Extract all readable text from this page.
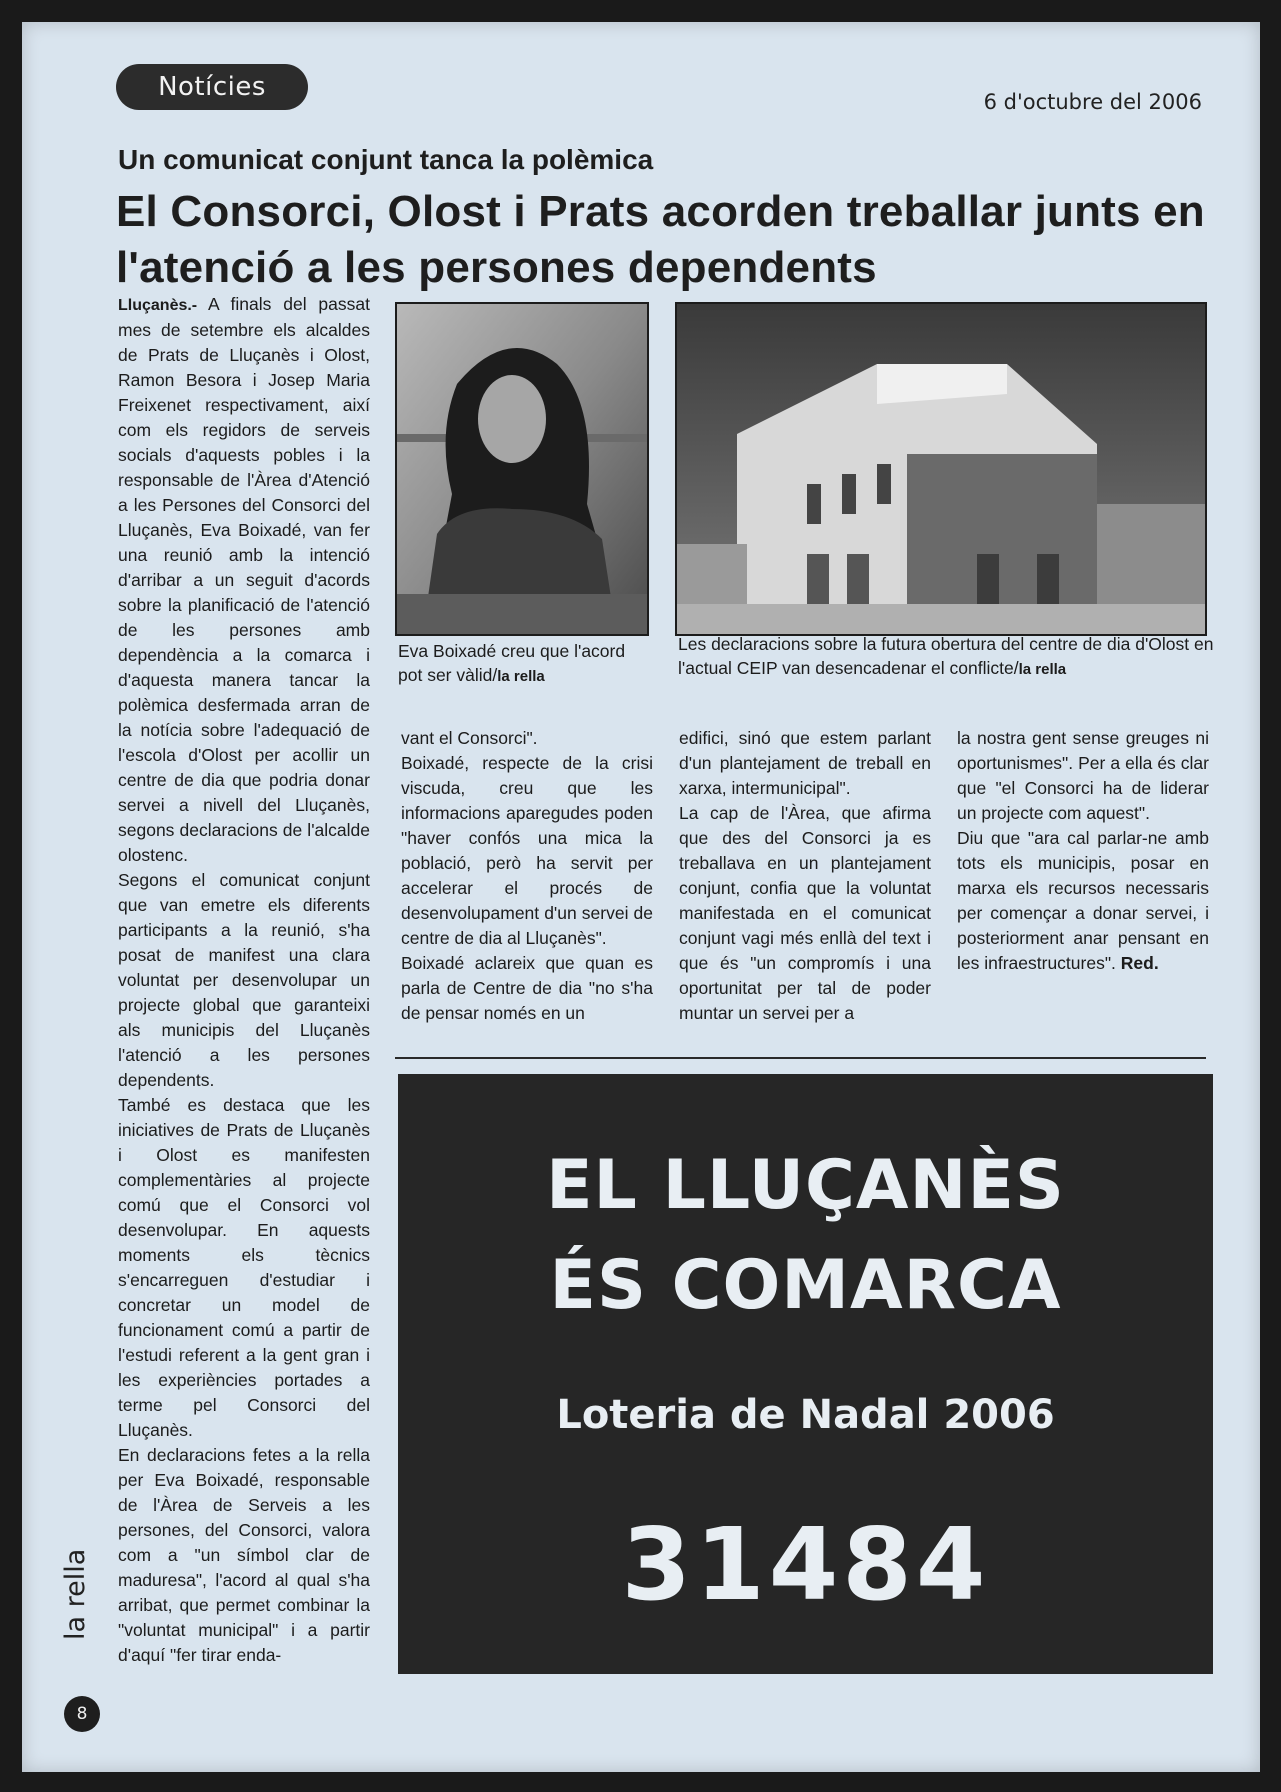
Notícies	6 d'octubre del 2006
Un comunicat conjunt tanca la polèmica
El Consorci, Olost i Prats acorden treballar junts en l'atenció a les persones dependents

Lluçanès.- A finals del passat mes de setembre els alcaldes de Prats de Lluçanès i Olost, Ramon Besora i Josep Maria Freixenet respectivament, així com els regidors de serveis socials d'aquests pobles i la responsable de l'Àrea d'Atenció a les Persones del Consorci del Lluçanès, Eva Boixadé, van fer una reunió amb la intenció d'arribar a un seguit d'acords sobre la planificació de l'atenció de les persones amb dependència a la comarca i d'aquesta manera tancar la polèmica desfermada arran de la notícia sobre l'adequació de l'escola d'Olost per acollir un centre de dia que podria donar servei a nivell del Lluçanès, segons declaracions de l'alcalde olostenc.

Segons el comunicat conjunt que van emetre els diferents participants a la reunió, s'ha posat de manifest una clara voluntat per desenvolupar un projecte global que garanteixi als municipis del Lluçanès l'atenció a les persones dependents.

També es destaca que les iniciatives de Prats de Lluçanès i Olost es manifesten complementàries al projecte comú que el Consorci vol desenvolupar. En aquests moments els tècnics s'encarreguen d'estudiar i concretar un model de funcionament comú a partir de l'estudi referent a la gent gran i les experiències portades a terme pel Consorci del Lluçanès.

En declaracions fetes a la rella per Eva Boixadé, responsable de l'Àrea de Serveis a les persones, del Consorci, valora com a "un símbol clar de maduresa", l'acord al qual s'ha arribat, que permet combinar la "voluntat municipal" i a partir d'aquí "fer tirar enda-

Eva Boixadé creu que l'acord pot ser vàlid/la rella
Les declaracions sobre la futura obertura del centre de dia d'Olost en l'actual CEIP van desencadenar el conflicte/la rella

vant el Consorci".

Boixadé, respecte de la crisi viscuda, creu que les informacions aparegudes poden "haver confós una mica la població, però ha servit per accelerar el procés de desenvolupament d'un servei de centre de dia al Lluçanès".

Boixadé aclareix que quan es parla de Centre de dia "no s'ha de pensar només en un

edifici, sinó que estem parlant d'un plantejament de treball en xarxa, intermunicipal".

La cap de l'Àrea, que afirma que des del Consorci ja es treballava en un plantejament conjunt, confia que la voluntat manifestada en el comunicat conjunt vagi més enllà del text i que és "un compromís i una oportunitat per tal de poder muntar un servei per a

la nostra gent sense greuges ni oportunismes". Per a ella és clar que "el Consorci ha de liderar un projecte com aquest".

Diu que "ara cal parlar-ne amb tots els municipis, posar en marxa els recursos necessaris per començar a donar servei, i posteriorment anar pensant en les infraestructures". Red.

EL LLUÇANÈS
ÉS COMARCA
Loteria de Nadal 2006
31484
la rella
8
